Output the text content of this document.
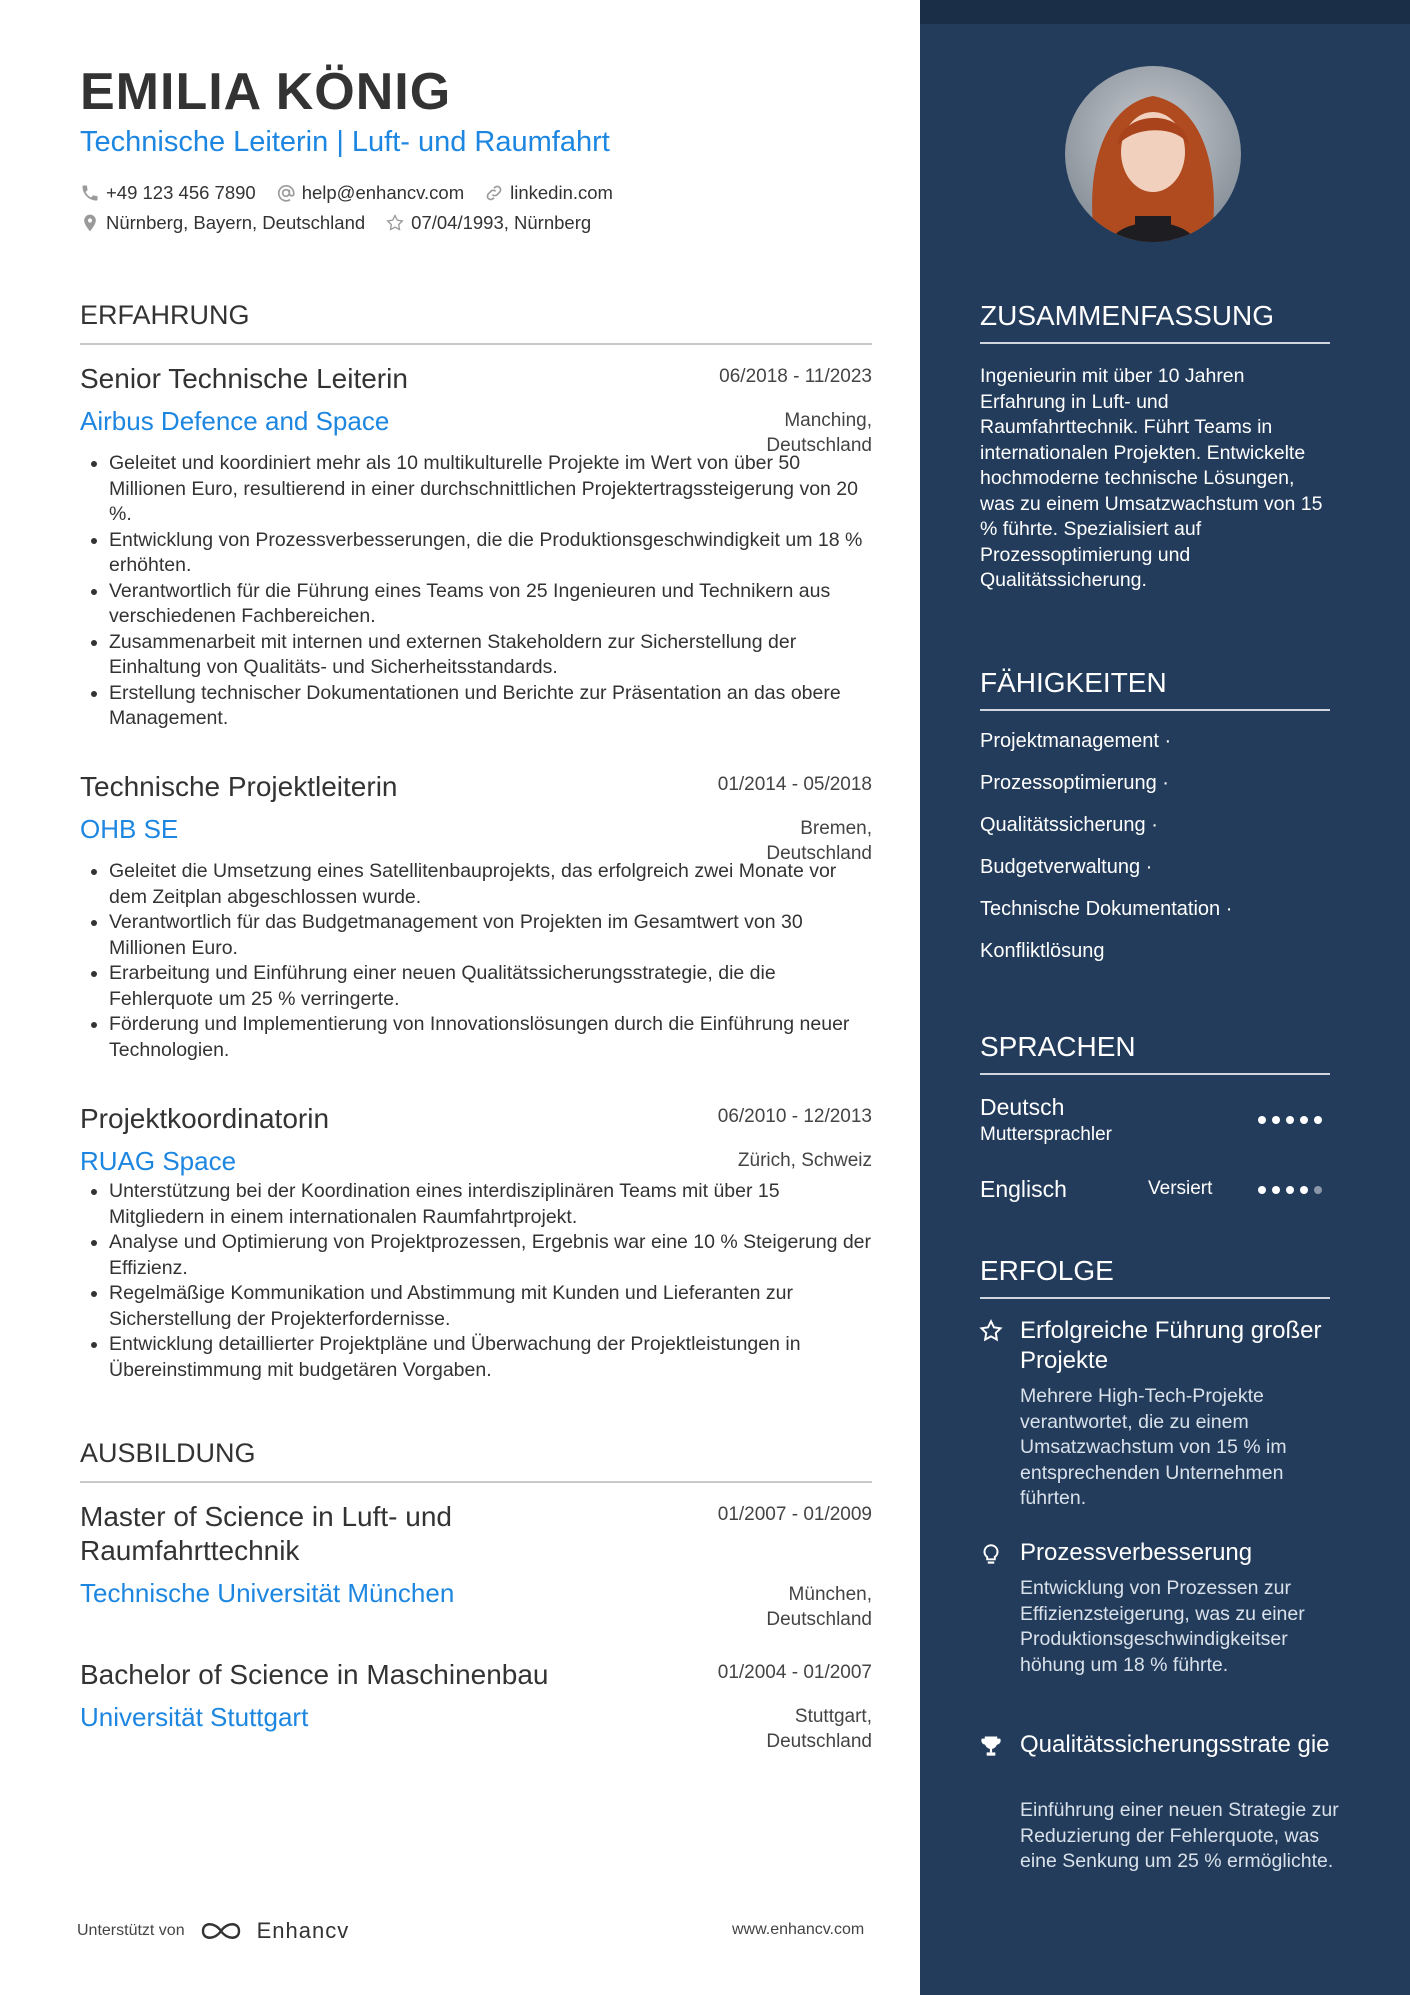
EMILIA KÖNIG
Technische Leiterin | Luft- und Raumfahrt
+49 123 456 7890 help@enhancv.com linkedin.com
Nürnberg, Bayern, Deutschland 07/04/1993, Nürnberg
ERFAHRUNG
Senior Technische Leiterin	06/2018 - 11/2023
Airbus Defence and Space	Manching,
Deutschland
• Geleitet und koordiniert mehr als 10 multikulturelle Projekte im Wert von über 50 Millionen Euro, resultierend in einer durchschnittlichen Projektertragssteigerung von 20 %.
• Entwicklung von Prozessverbesserungen, die die Produktionsgeschwindigkeit um 18 % erhöhten.
• Verantwortlich für die Führung eines Teams von 25 Ingenieuren und Technikern aus verschiedenen Fachbereichen.
• Zusammenarbeit mit internen und externen Stakeholdern zur Sicherstellung der Einhaltung von Qualitäts- und Sicherheitsstandards.
• Erstellung technischer Dokumentationen und Berichte zur Präsentation an das obere Management.
Technische Projektleiterin	01/2014 - 05/2018
OHB SE	Bremen,
Deutschland
• Geleitet die Umsetzung eines Satellitenbauprojekts, das erfolgreich zwei Monate vor dem Zeitplan abgeschlossen wurde.
• Verantwortlich für das Budgetmanagement von Projekten im Gesamtwert von 30 Millionen Euro.
• Erarbeitung und Einführung einer neuen Qualitätssicherungsstrategie, die die Fehlerquote um 25 % verringerte.
• Förderung und Implementierung von Innovationslösungen durch die Einführung neuer Technologien.
Projektkoordinatorin	06/2010 - 12/2013
RUAG Space	Zürich, Schweiz
• Unterstützung bei der Koordination eines interdisziplinären Teams mit über 15 Mitgliedern in einem internationalen Raumfahrtprojekt.
• Analyse und Optimierung von Projektprozessen, Ergebnis war eine 10 % Steigerung der Effizienz.
• Regelmäßige Kommunikation und Abstimmung mit Kunden und Lieferanten zur Sicherstellung der Projekterfordernisse.
• Entwicklung detaillierter Projektpläne und Überwachung der Projektleistungen in Übereinstimmung mit budgetären Vorgaben.
AUSBILDUNG
Master of Science in Luft- und
Raumfahrttechnik
01/2007 - 01/2009
Technische Universität München	München,
Deutschland
Bachelor of Science in Maschinenbau	01/2004 - 01/2007
Universität Stuttgart	Stuttgart,
Deutschland
Unterstützt von	Enhancv	www.enhancv.com
ZUSAMMENFASSUNG
Ingenieurin mit über 10 Jahren Erfahrung in Luft- und Raumfahrttechnik. Führt Teams in internationalen Projekten. Entwickelte hochmoderne technische Lösungen, was zu einem Umsatzwachstum von 15 % führte. Spezialisiert auf Prozessoptimierung und Qualitätssicherung.
FÄHIGKEITEN
Projektmanagement ·
Prozessoptimierung ·
Qualitätssicherung ·
Budgetverwaltung ·
Technische Dokumentation ·
Konfliktlösung
SPRACHEN
Deutsch
Muttersprachler
Englisch	Versiert
ERFOLGE
Erfolgreiche Führung großer Projekte
Mehrere High-Tech-Projekte verantwortet, die zu einem Umsatzwachstum von 15 % im entsprechenden Unternehmen führten.
Prozessverbesserung
Entwicklung von Prozessen zur Effizienzsteigerung, was zu einer Produktionsgeschwindigkeitser höhung um 18 % führte.
Qualitätssicherungsstrate gie
Einführung einer neuen Strategie zur Reduzierung der Fehlerquote, was eine Senkung um 25 % ermöglichte.
